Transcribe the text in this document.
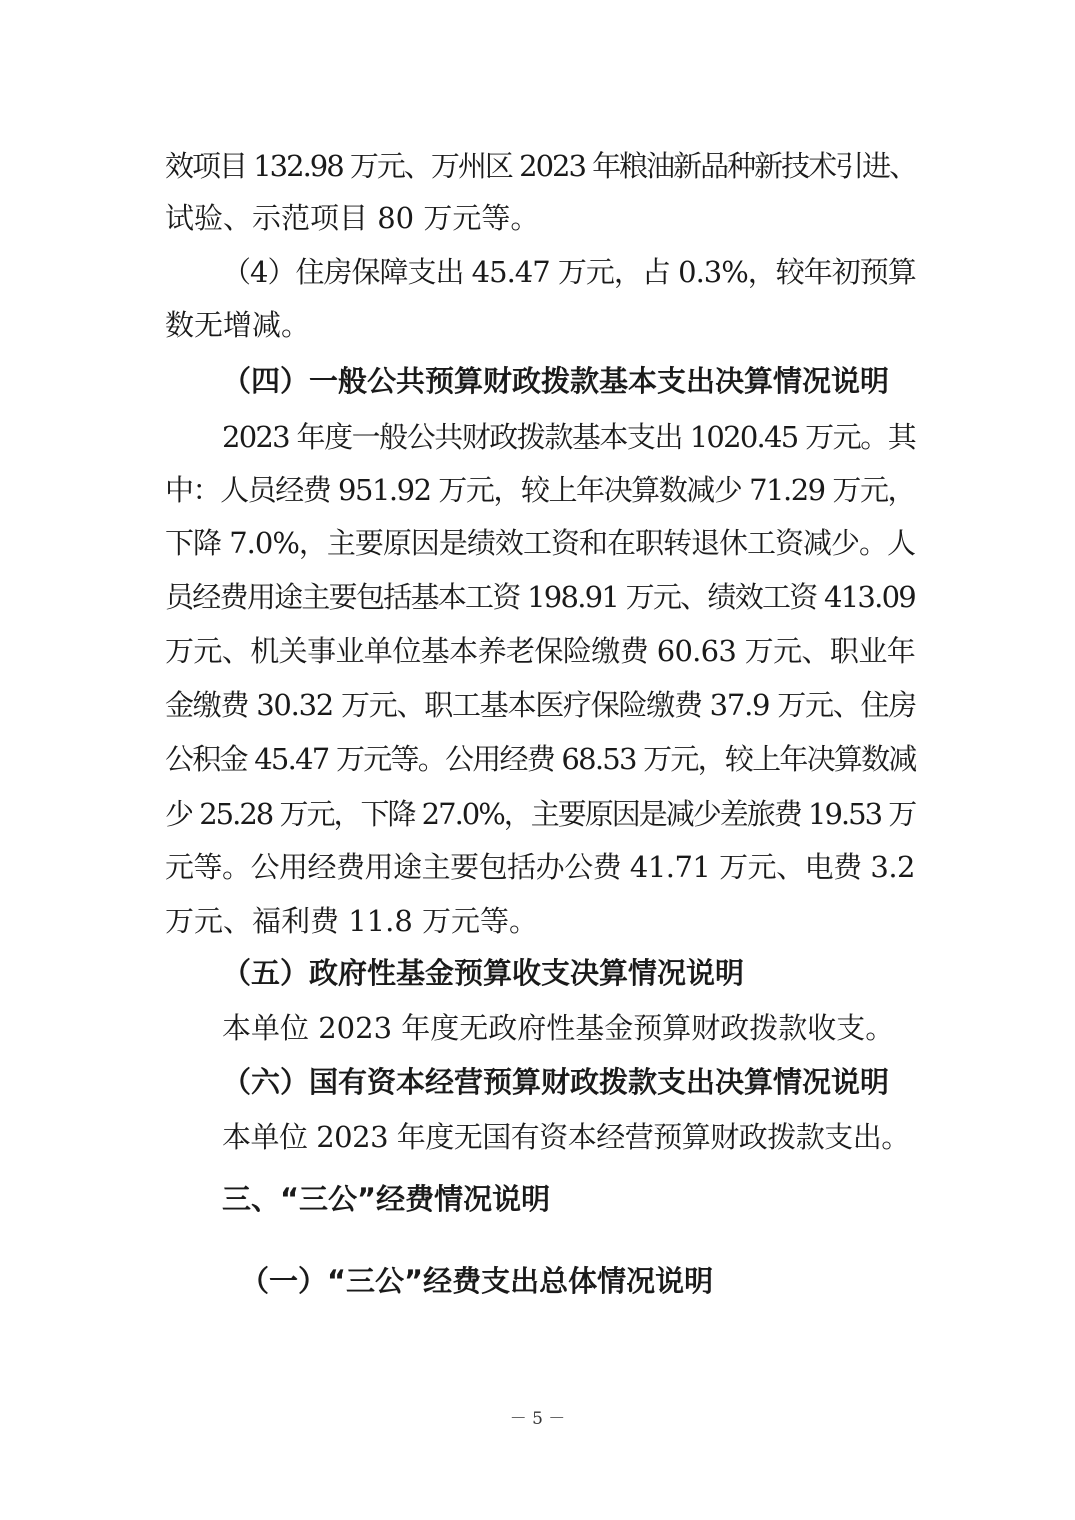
效项目 132.98 万元、万州区 2023 年粮油新品种新技术引进、
试验、示范项目 80 万元等。
（4）住房保障支出 45.47 万元，占 0.3%，较年初预算
数无增减。
（四）一般公共预算财政拨款基本支出决算情况说明
2023 年度一般公共财政拨款基本支出 1020.45 万元。其
中：人员经费 951.92 万元，较上年决算数减少 71.29 万元，
下降 7.0%，主要原因是绩效工资和在职转退休工资减少。人
员经费用途主要包括基本工资 198.91 万元、绩效工资 413.09
万元、机关事业单位基本养老保险缴费 60.63 万元、职业年
金缴费 30.32 万元、职工基本医疗保险缴费 37.9 万元、住房
公积金 45.47 万元等。公用经费 68.53 万元，较上年决算数减
少 25.28 万元，下降 27.0%，主要原因是减少差旅费 19.53 万
元等。公用经费用途主要包括办公费 41.71 万元、电费 3.2
万元、福利费 11.8 万元等。
（五）政府性基金预算收支决算情况说明
本单位 2023 年度无政府性基金预算财政拨款收支。
（六）国有资本经营预算财政拨款支出决算情况说明
本单位 2023 年度无国有资本经营预算财政拨款支出。
三、“三公”经费情况说明
（一）“三公”经费支出总体情况说明
－ 5 －
